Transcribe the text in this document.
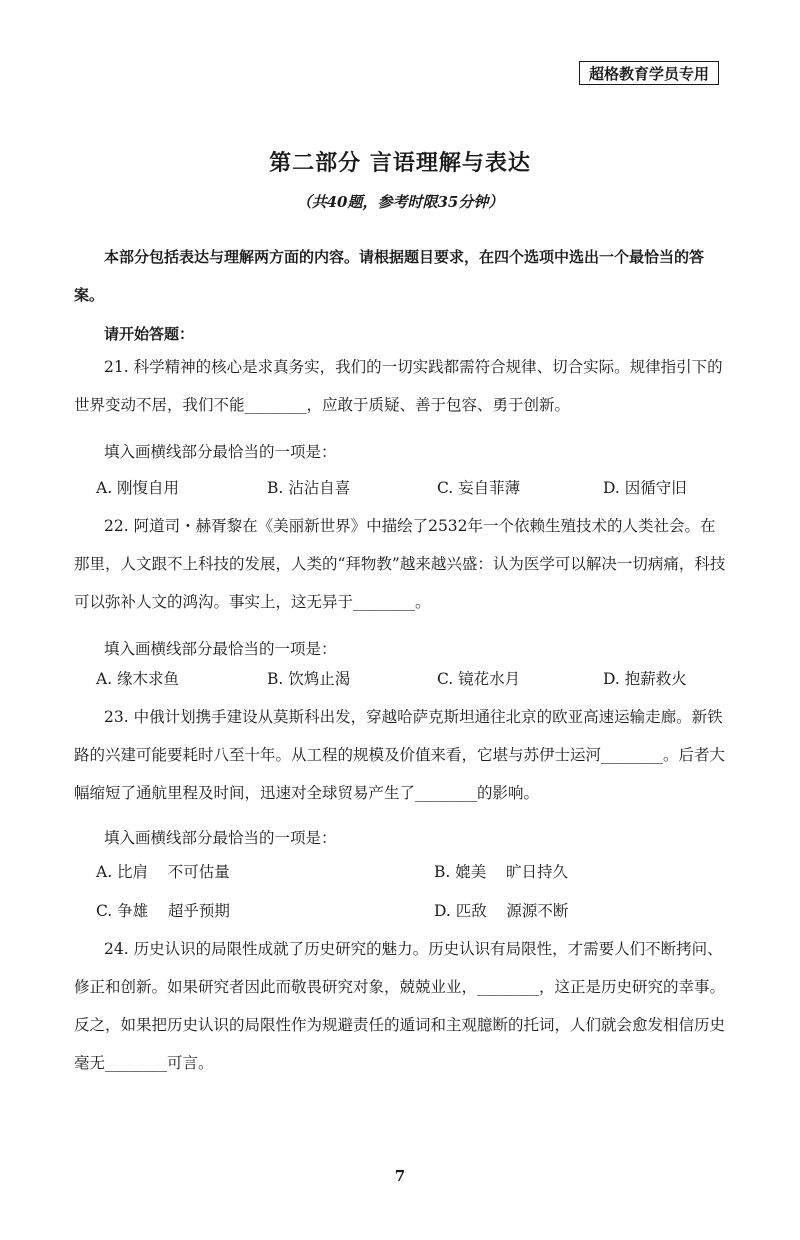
超格教育学员专用
第二部分 言语理解与表达
（共40题，参考时限35分钟）
本部分包括表达与理解两方面的内容。请根据题目要求，在四个选项中选出一个最恰当的答案。
请开始答题：
21. 科学精神的核心是求真务实，我们的一切实践都需符合规律、切合实际。规律指引下的世界变动不居，我们不能________，应敢于质疑、善于包容、勇于创新。
填入画横线部分最恰当的一项是：
A. 刚愎自用	B. 沾沾自喜	C. 妄自菲薄	D. 因循守旧
22. 阿道司・赫胥黎在《美丽新世界》中描绘了2532年一个依赖生殖技术的人类社会。在那里，人文跟不上科技的发展，人类的“拜物教”越来越兴盛：认为医学可以解决一切病痛，科技可以弥补人文的鸿沟。事实上，这无异于________。
填入画横线部分最恰当的一项是：
A. 缘木求鱼	B. 饮鸩止渴	C. 镜花水月	D. 抱薪救火
23. 中俄计划携手建设从莫斯科出发，穿越哈萨克斯坦通往北京的欧亚高速运输走廊。新铁路的兴建可能要耗时八至十年。从工程的规模及价值来看，它堪与苏伊士运河________。后者大幅缩短了通航里程及时间，迅速对全球贸易产生了________的影响。
填入画横线部分最恰当的一项是：
A. 比肩    不可估量	B. 媲美    旷日持久
C. 争雄    超乎预期	D. 匹敌    源源不断
24. 历史认识的局限性成就了历史研究的魅力。历史认识有局限性，才需要人们不断拷问、修正和创新。如果研究者因此而敬畏研究对象，兢兢业业，________，这正是历史研究的幸事。反之，如果把历史认识的局限性作为规避责任的遁词和主观臆断的托词，人们就会愈发相信历史毫无________可言。
7
